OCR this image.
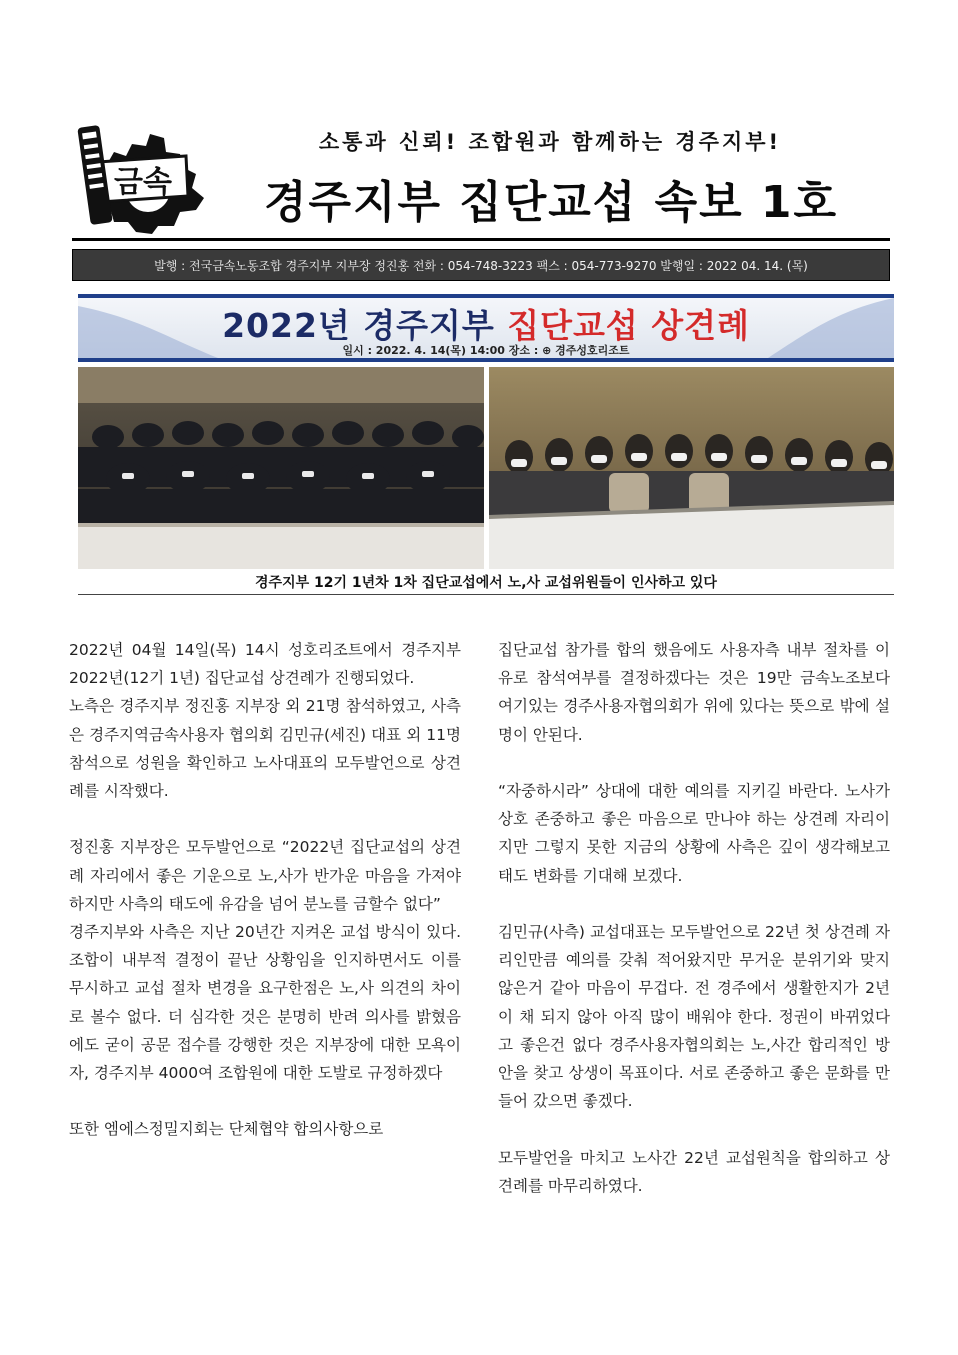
금속
소통과 신뢰! 조합원과 함께하는 경주지부!
경주지부 집단교섭 속보 1호
발행 : 전국금속노동조합 경주지부 지부장 정진홍 전화 : 054-748-3223 팩스 : 054-773-9270 발행일 : 2022 04. 14. (목)
2022년 경주지부 집단교섭 상견례
일시 : 2022. 4. 14(목) 14:00 장소 : ⊕ 경주성호리조트
경주지부 12기 1년차 1차 집단교섭에서 노,사 교섭위원들이 인사하고 있다

2022년 04월 14일(목) 14시 성호리조트에서 경주지부 2022년(12기 1년) 집단교섭 상견례가 진행되었다.

노측은 경주지부 정진홍 지부장 외 21명 참석하였고, 사측은 경주지역금속사용자 협의회 김민규(세진) 대표 외 11명 참석으로 성원을 확인하고 노사대표의 모두발언으로 상견례를 시작했다.

정진홍 지부장은 모두발언으로 “2022년 집단교섭의 상견례 자리에서 좋은 기운으로 노,사가 반가운 마음을 가져야 하지만 사측의 태도에 유감을 넘어 분노를 금할수 없다”

경주지부와 사측은 지난 20년간 지켜온 교섭 방식이 있다. 조합이 내부적 결정이 끝난 상황임을 인지하면서도 이를 무시하고 교섭 절차 변경을 요구한점은 노,사 의견의 차이로 볼수 없다. 더 심각한 것은 분명히 반려 의사를 밝혔음에도 굳이 공문 접수를 강행한 것은 지부장에 대한 모욕이자, 경주지부 4000여 조합원에 대한 도발로 규정하겠다

또한 엠에스정밀지회는 단체협약 합의사항으로

집단교섭 참가를 합의 했음에도 사용자측 내부 절차를 이유로 참석여부를 결정하겠다는 것은 19만 금속노조보다 여기있는 경주사용자협의회가 위에 있다는 뜻으로 밖에 설명이 안된다.

“자중하시라” 상대에 대한 예의를 지키길 바란다. 노사가 상호 존중하고 좋은 마음으로 만나야 하는 상견례 자리이지만 그렇지 못한 지금의 상황에 사측은 깊이 생각해보고 태도 변화를 기대해 보겠다.

김민규(사측) 교섭대표는 모두발언으로 22년 첫 상견례 자리인만큼 예의를 갖춰 적어왔지만 무거운 분위기와 맞지 않은거 같아 마음이 무겁다. 전 경주에서 생활한지가 2년이 채 되지 않아 아직 많이 배워야 한다. 정권이 바뀌었다고 좋은건 없다 경주사용자협의회는 노,사간 합리적인 방안을 찾고 상생이 목표이다. 서로 존중하고 좋은 문화를 만들어 갔으면 좋겠다.

모두발언을 마치고 노사간 22년 교섭원칙을 합의하고 상견례를 마무리하였다.
